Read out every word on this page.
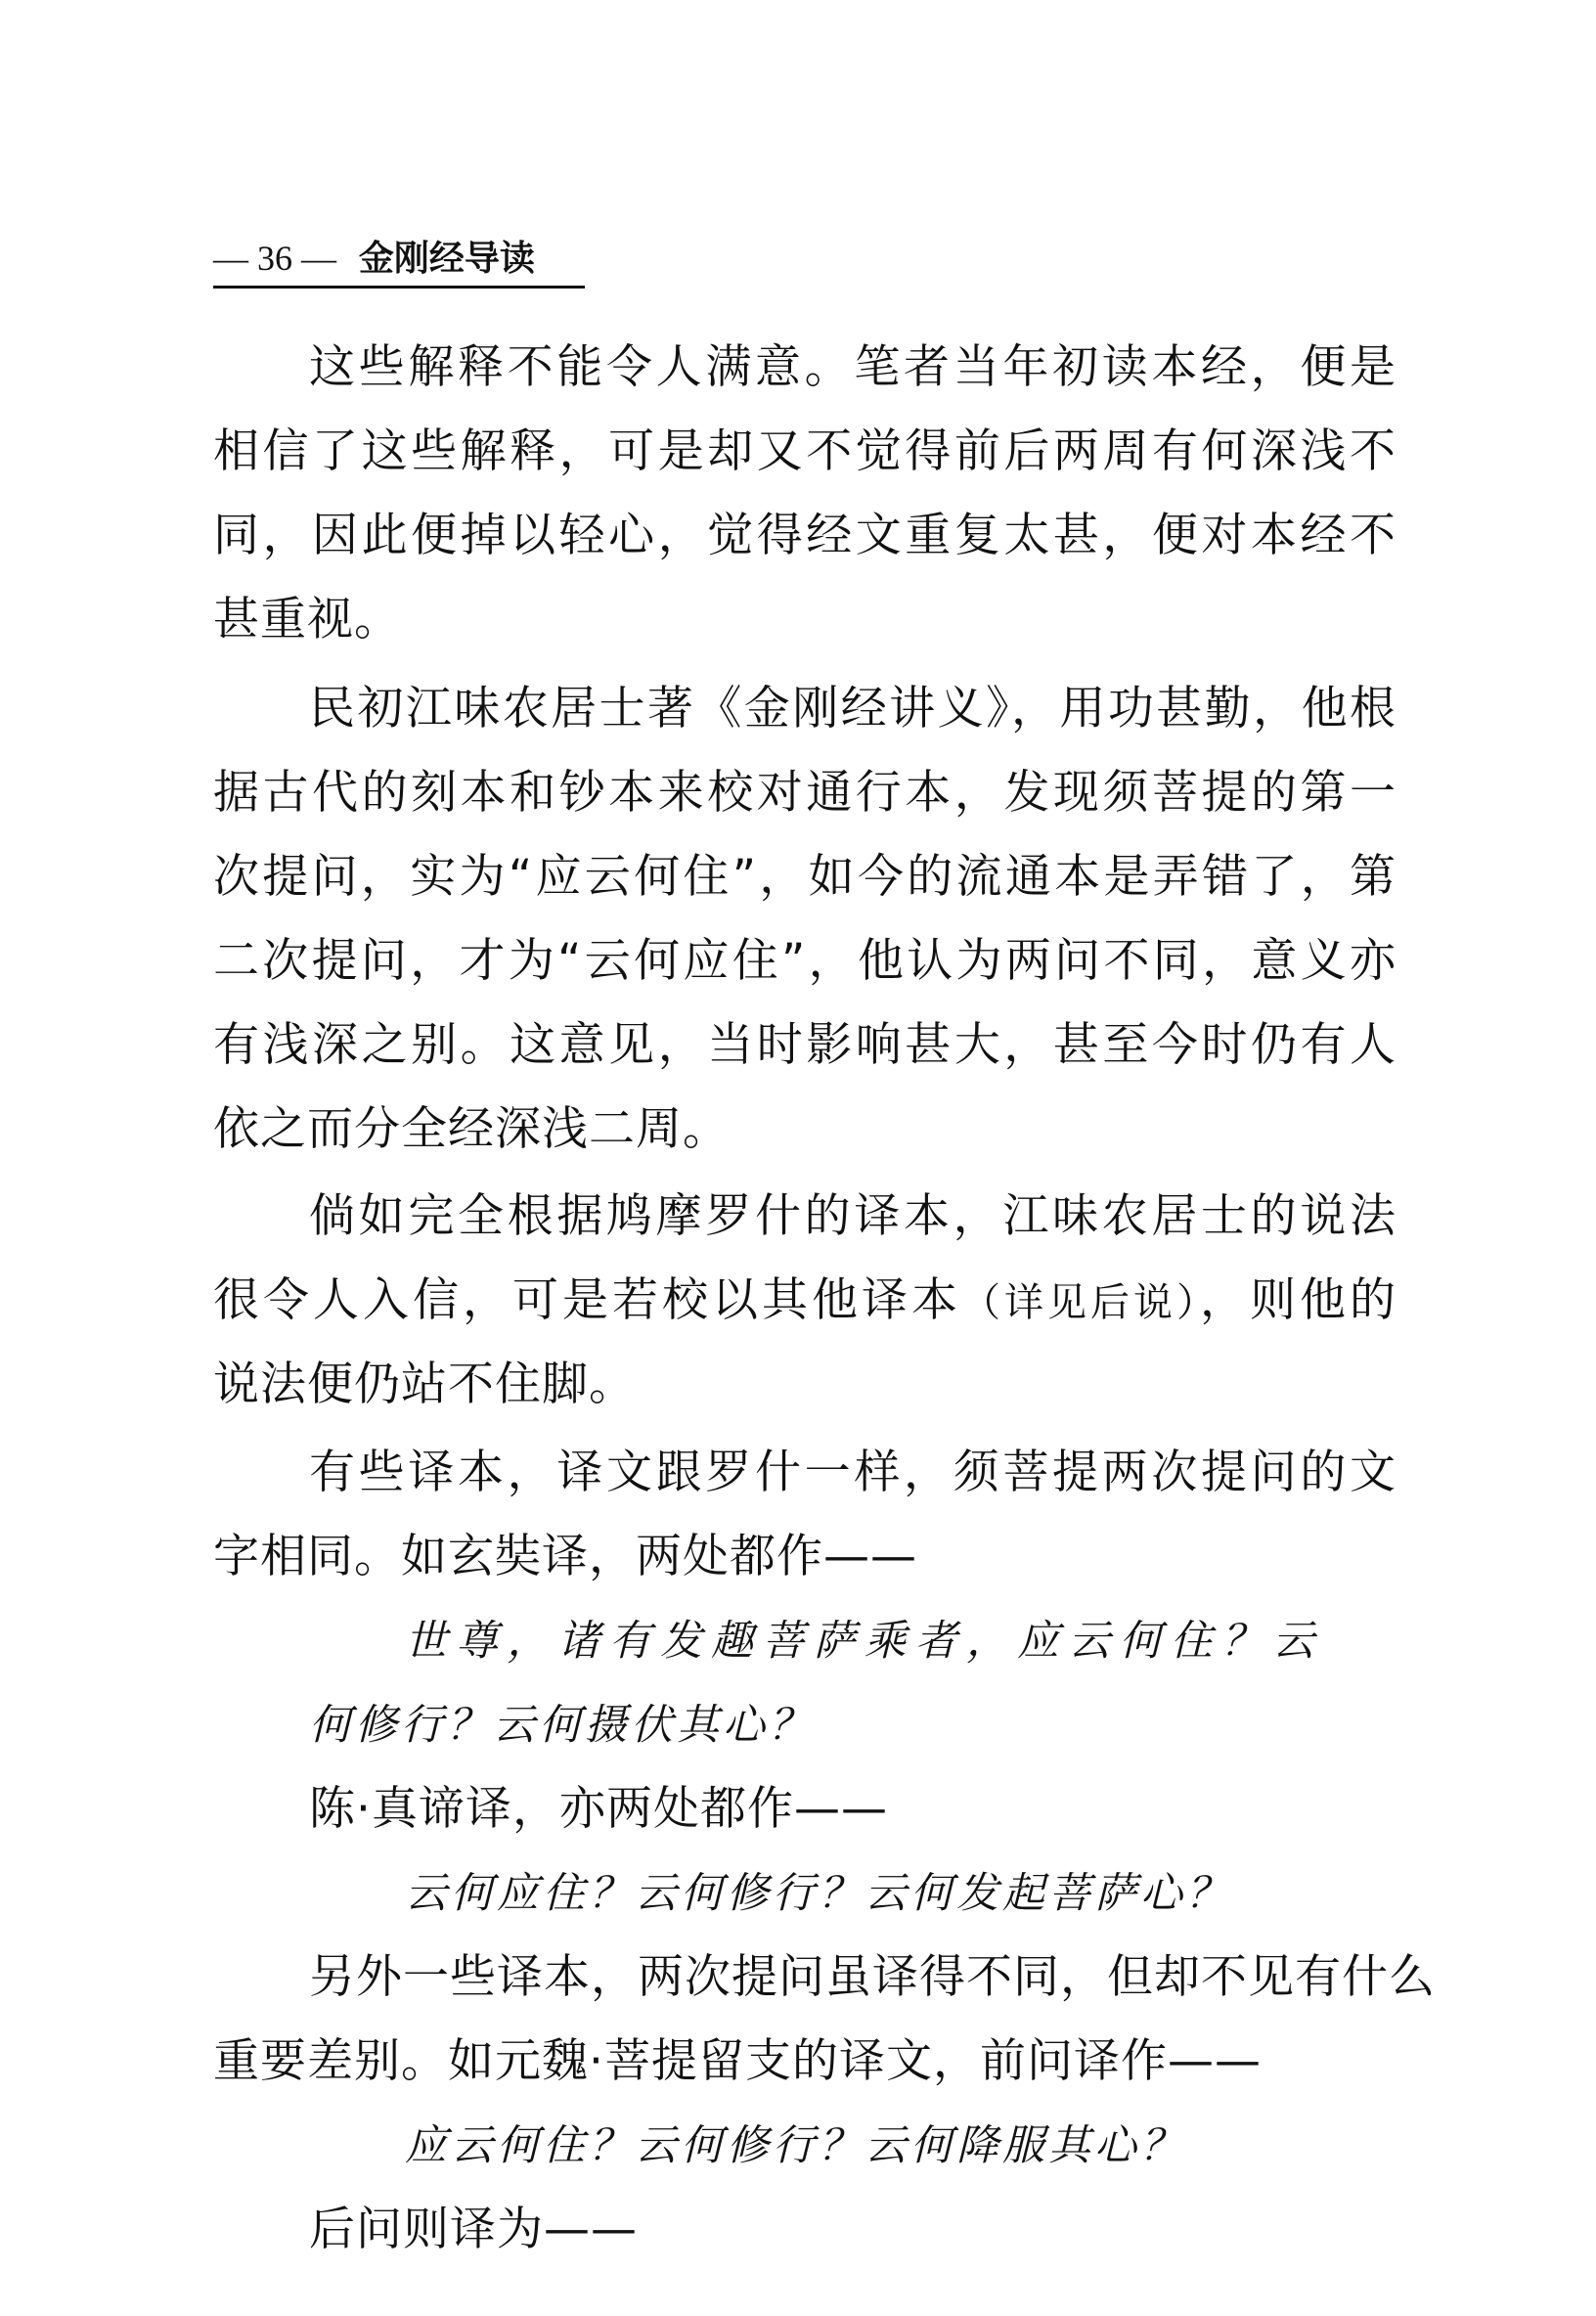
— 36 — 金刚经导读
这些解释不能令人满意。笔者当年初读本经，便是
相信了这些解释，可是却又不觉得前后两周有何深浅不
同，因此便掉以轻心，觉得经文重复太甚，便对本经不
甚重视。
民初江味农居士著《金刚经讲义》，用功甚勤，他根
据古代的刻本和钞本来校对通行本，发现须菩提的第一
次提问，实为“应云何住”，如今的流通本是弄错了，第
二次提问，才为“云何应住”，他认为两问不同，意义亦
有浅深之别。这意见，当时影响甚大，甚至今时仍有人
依之而分全经深浅二周。
倘如完全根据鸠摩罗什的译本，江味农居士的说法
很令人入信，可是若校以其他译本（详见后说），则他的
说法便仍站不住脚。
有些译本，译文跟罗什一样，须菩提两次提问的文
字相同。如玄奘译，两处都作——
世尊，诸有发趣菩萨乘者，应云何住？云
何修行？云何摄伏其心？
陈·真谛译，亦两处都作——
云何应住？云何修行？云何发起菩萨心？
另外一些译本，两次提问虽译得不同，但却不见有什么
重要差别。如元魏·菩提留支的译文，前问译作——
应云何住？云何修行？云何降服其心？
后问则译为——
